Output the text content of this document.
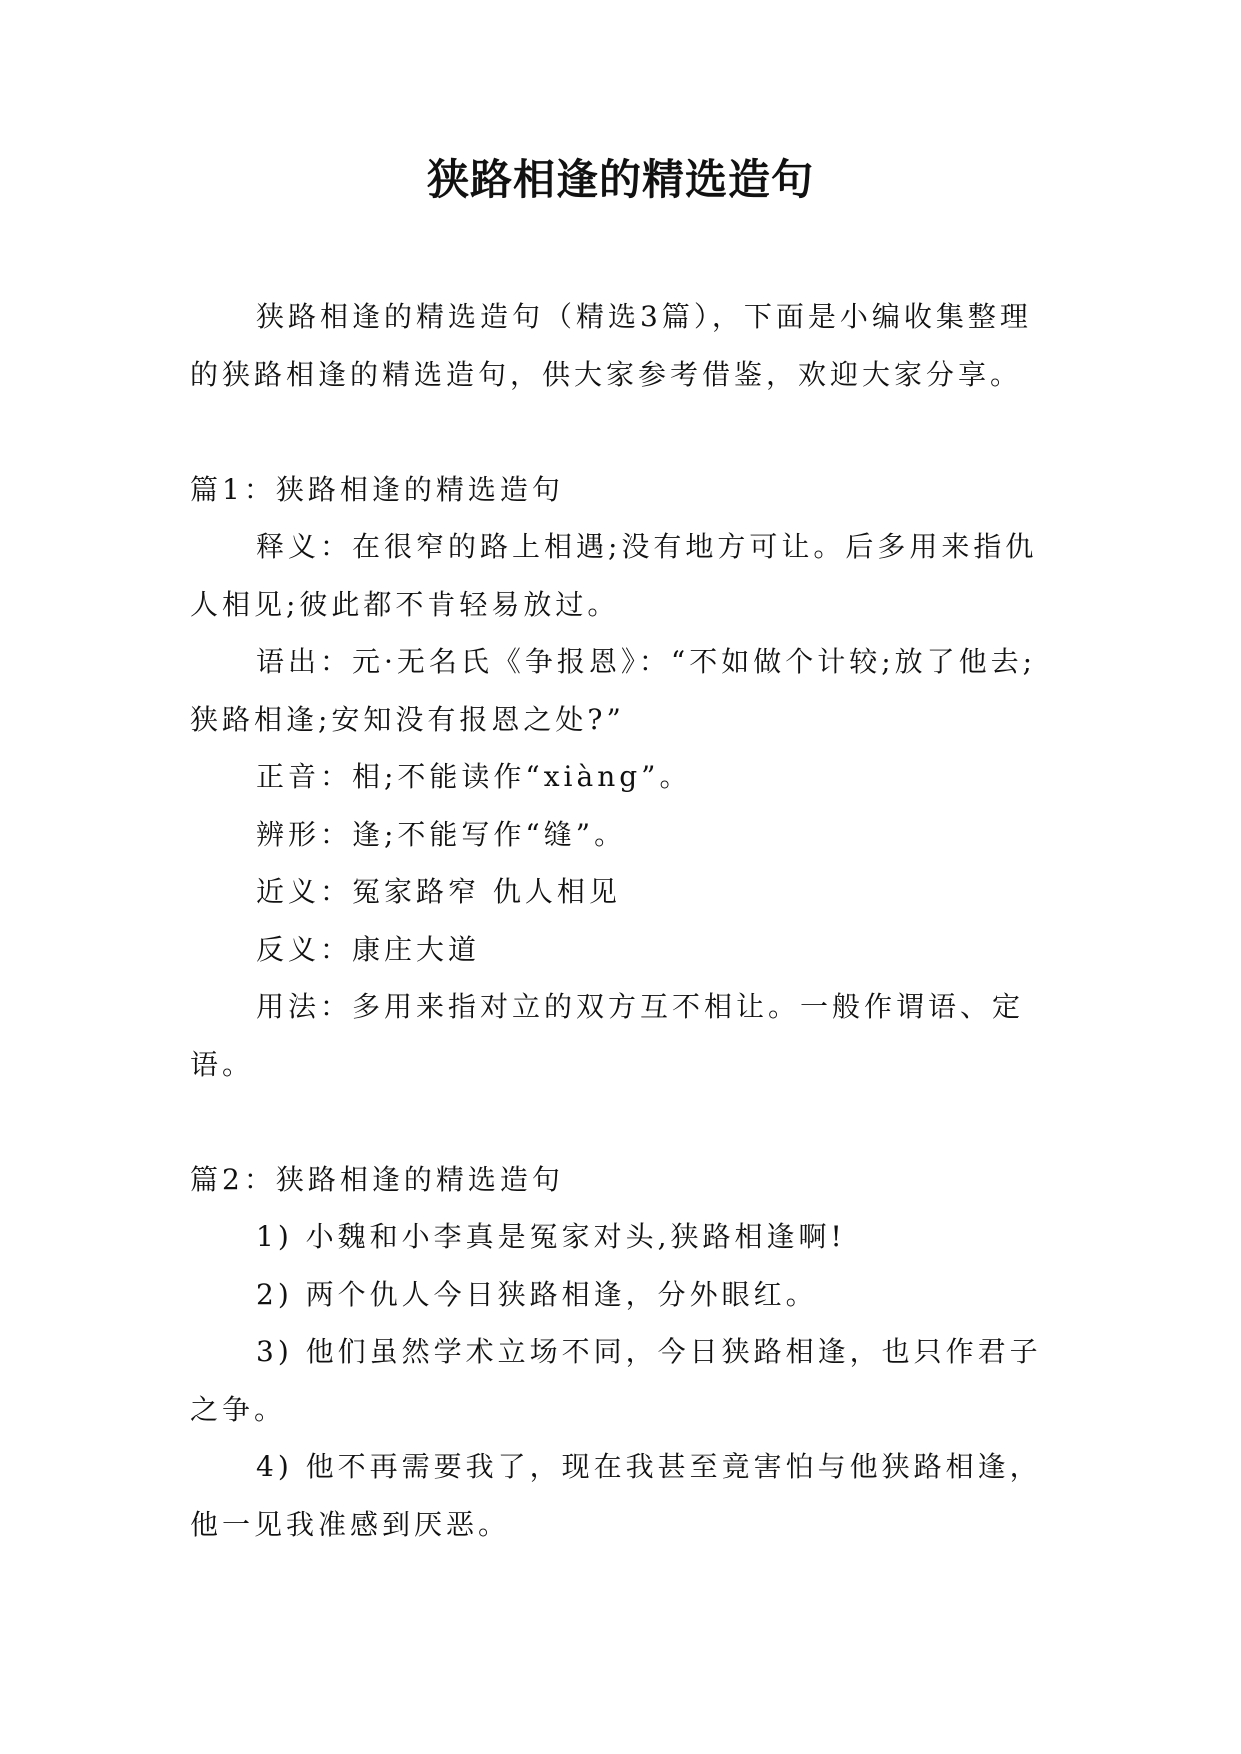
狭路相逢的精选造句

狭路相逢的精选造句（精选3篇），下面是小编收集整理的狭路相逢的精选造句，供大家参考借鉴，欢迎大家分享。

篇1：狭路相逢的精选造句

释义：在很窄的路上相遇;没有地方可让。后多用来指仇人相见;彼此都不肯轻易放过。

语出：元·无名氏《争报恩》：“不如做个计较;放了他去;狭路相逢;安知没有报恩之处?”

正音：相;不能读作“xiàng”。

辨形：逢;不能写作“缝”。

近义：冤家路窄 仇人相见

反义：康庄大道

用法：多用来指对立的双方互不相让。一般作谓语、定语。

篇2：狭路相逢的精选造句

1) 小魏和小李真是冤家对头,狭路相逢啊!

2) 两个仇人今日狭路相逢，分外眼红。

3) 他们虽然学术立场不同，今日狭路相逢，也只作君子之争。

4) 他不再需要我了，现在我甚至竟害怕与他狭路相逢，他一见我准感到厌恶。
